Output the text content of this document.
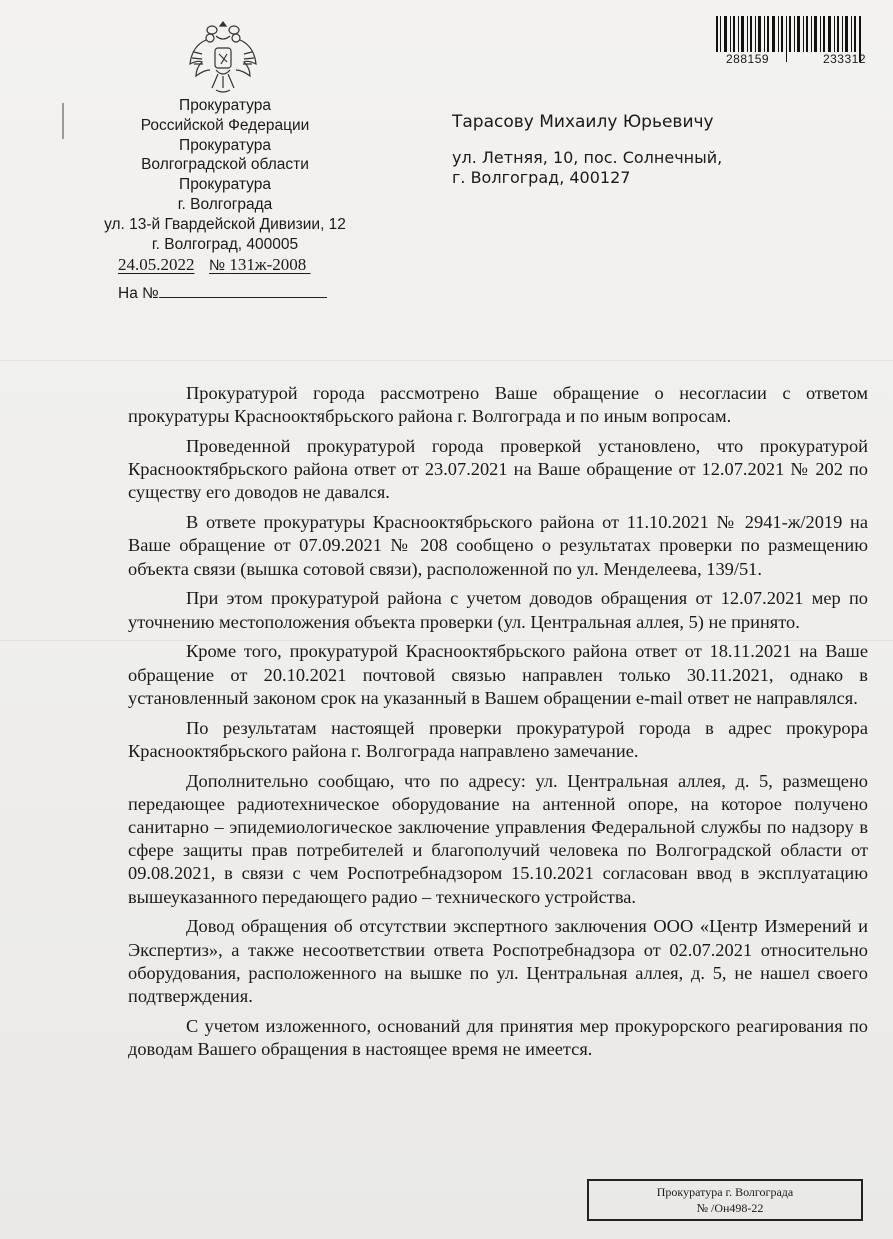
Прокуратура
Российской Федерации
Прокуратура
Волгоградской области
Прокуратура
г. Волгограда
ул. 13-й Гвардейской Дивизии, 12
г. Волгоград, 400005
24.05.2022 № 131ж-2008
На №
288159	233312
Тарасову Михаилу Юрьевичу
ул. Летняя, 10, пос. Солнечный,
г. Волгоград, 400127

Прокуратурой города рассмотрено Ваше обращение о несогласии с ответом прокуратуры Краснооктябрьского района г. Волгограда и по иным вопросам.

Проведенной прокуратурой города проверкой установлено, что прокуратурой Краснооктябрьского района ответ от 23.07.2021 на Ваше обращение от 12.07.2021 № 202 по существу его доводов не давался.

В ответе прокуратуры Краснооктябрьского района от 11.10.2021 № 2941-ж/2019 на Ваше обращение от 07.09.2021 № 208 сообщено о результатах проверки по размещению объекта связи (вышка сотовой связи), расположенной по ул. Менделеева, 139/51.

При этом прокуратурой района с учетом доводов обращения от 12.07.2021 мер по уточнению местоположения объекта проверки (ул. Центральная аллея, 5) не принято.

Кроме того, прокуратурой Краснооктябрьского района ответ от 18.11.2021 на Ваше обращение от 20.10.2021 почтовой связью направлен только 30.11.2021, однако в установленный законом срок на указанный в Вашем обращении e-mail ответ не направлялся.

По результатам настоящей проверки прокуратурой города в адрес прокурора Краснооктябрьского района г. Волгограда направлено замечание.

Дополнительно сообщаю, что по адресу: ул. Центральная аллея, д. 5, размещено передающее радиотехническое оборудование на антенной опоре, на которое получено санитарно – эпидемиологическое заключение управления Федеральной службы по надзору в сфере защиты прав потребителей и благополучий человека по Волгоградской области от 09.08.2021, в связи с чем Роспотребнадзором 15.10.2021 согласован ввод в эксплуатацию вышеуказанного передающего радио – технического устройства.

Довод обращения об отсутствии экспертного заключения ООО «Центр Измерений и Экспертиз», а также несоответствии ответа Роспотребнадзора от 02.07.2021 относительно оборудования, расположенного на вышке по ул. Центральная аллея, д. 5, не нашел своего подтверждения.

С учетом изложенного, оснований для принятия мер прокурорского реагирования по доводам Вашего обращения в настоящее время не имеется.

Прокуратура г. Волгограда
№ /Он498-22
